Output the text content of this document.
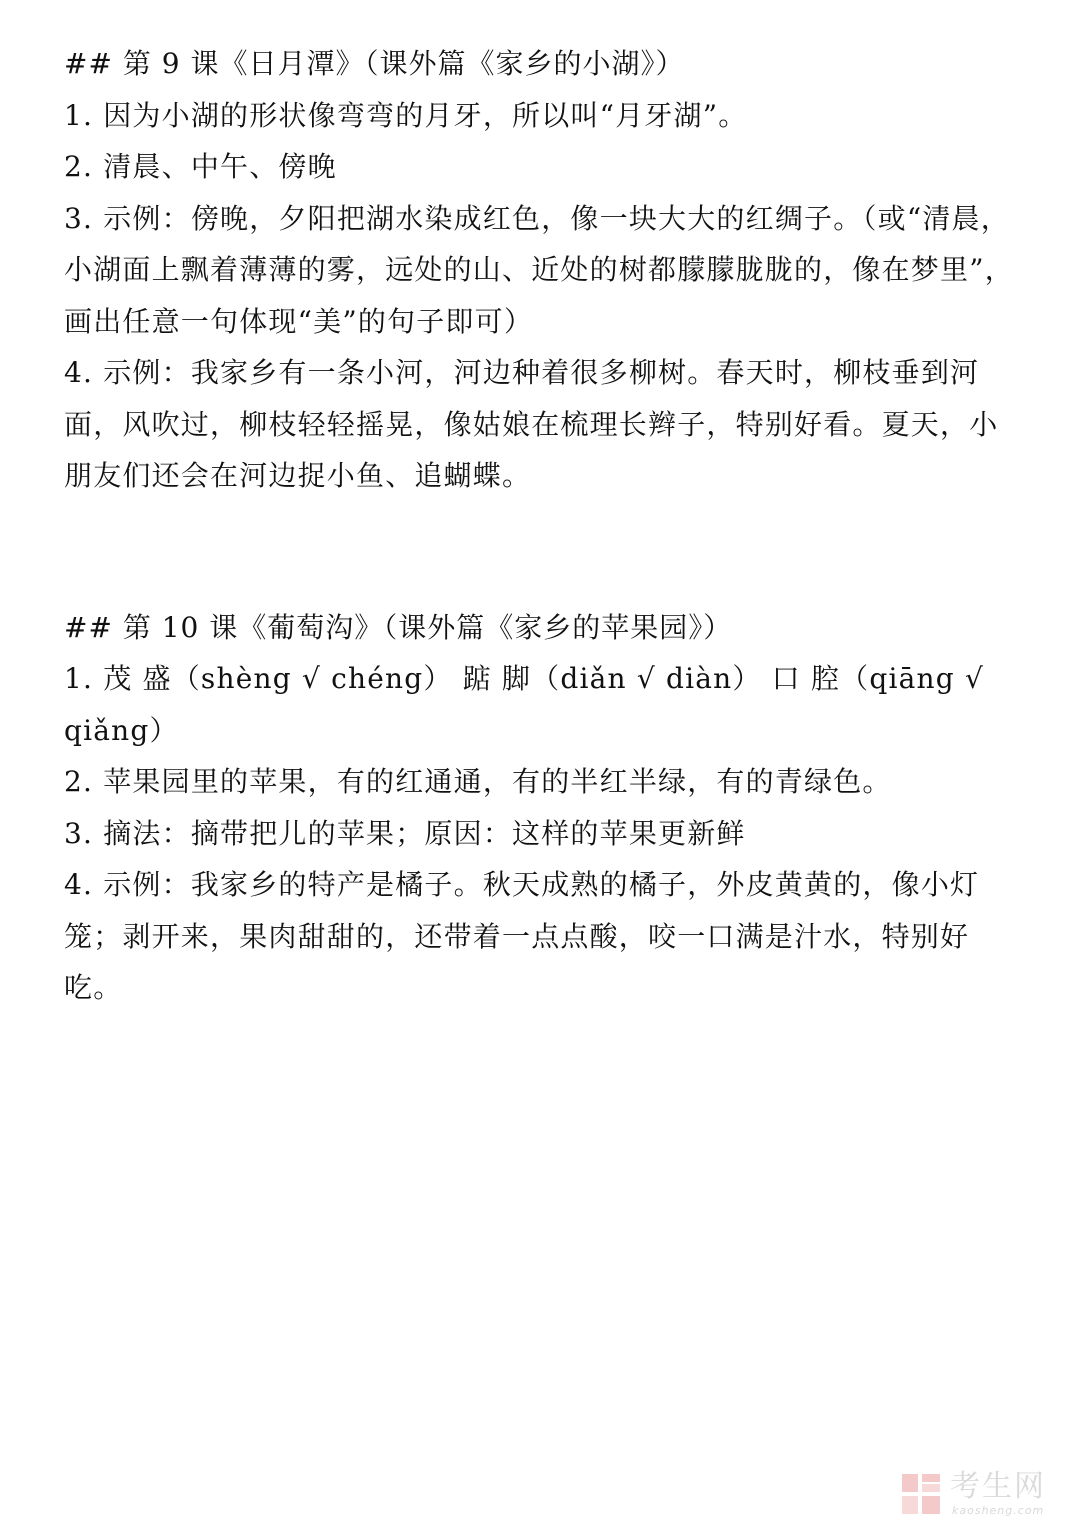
## 第 9 课《日月潭》（课外篇《家乡的小湖》）

1. 因为小湖的形状像弯弯的月牙，所以叫“月牙湖”。

2. 清晨、中午、傍晚

3. 示例：傍晚，夕阳把湖水染成红色，像一块大大的红绸子。（或“清晨，小湖面上飘着薄薄的雾，远处的山、近处的树都朦朦胧胧的，像在梦里”，画出任意一句体现“美”的句子即可）

4. 示例：我家乡有一条小河，河边种着很多柳树。春天时，柳枝垂到河面，风吹过，柳枝轻轻摇晃，像姑娘在梳理长辫子，特别好看。夏天，小朋友们还会在河边捉小鱼、追蝴蝶。

## 第 10 课《葡萄沟》（课外篇《家乡的苹果园》）

1. 茂 盛（shèng √ chéng） 踮 脚（diǎn √ diàn） 口 腔（qiāng √ qiǎng）

2. 苹果园里的苹果，有的红通通，有的半红半绿，有的青绿色。

3. 摘法：摘带把儿的苹果；原因：这样的苹果更新鲜

4. 示例：我家乡的特产是橘子。秋天成熟的橘子，外皮黄黄的，像小灯笼；剥开来，果肉甜甜的，还带着一点点酸，咬一口满是汁水，特别好吃。

考生网
kaosheng.com
